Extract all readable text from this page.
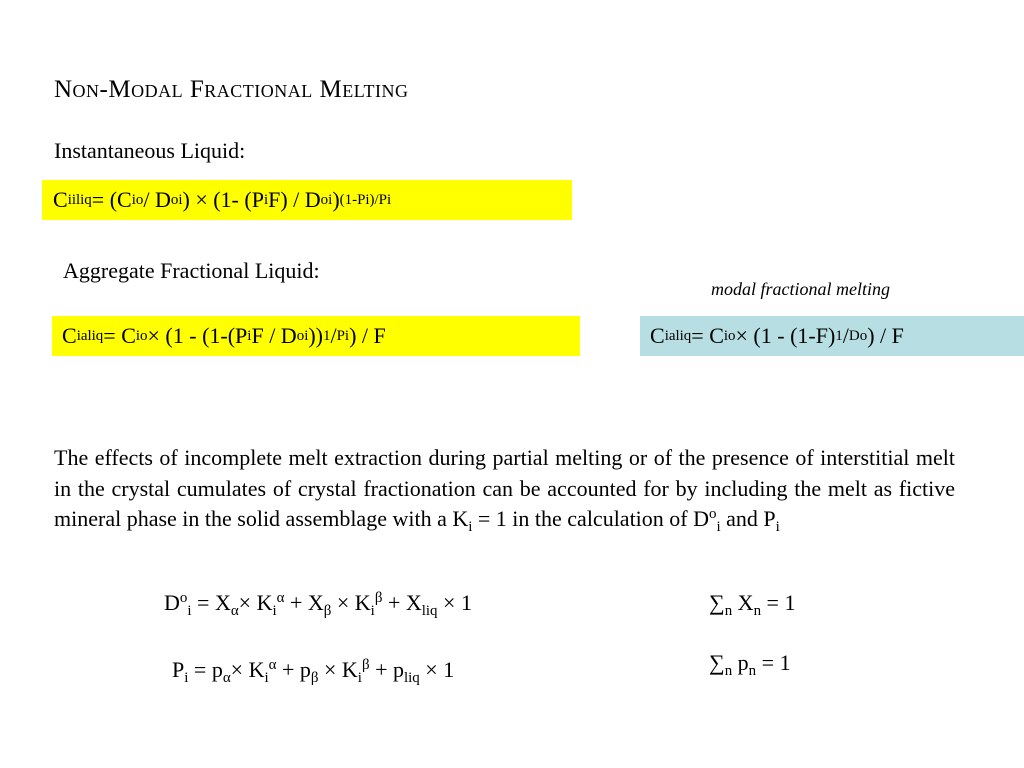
Non-Modal Fractional Melting
Instantaneous Liquid:
C i iliq = (C i o / D o i ) × (1- (P i F) / D o i ) (1-Pi)/Pi
Aggregate Fractional Liquid:
modal fractional melting
C i aliq = C i o × (1 - (1-(P i F / D o i )) 1 / Pi ) / F	C i aliq = C i o × (1 - (1-F) 1 / Do ) / F
The effects of incomplete melt extraction during partial melting or of the presence of interstitial melt in the crystal cumulates of crystal fractionation can be accounted for by including the melt as fictive mineral phase in the solid assemblage with a $K_i = 1$ in the calculation of $D^o_i$ and $P_i$
$D^o_i = X_\alpha\times K_i^\alpha + X_\beta \times K_i^\beta + X_{liq} \times 1$	$\sum_n$ $X_n = 1$
$P_i = p_\alpha\times K_i^\alpha + p_\beta \times K_i^\beta + p_{liq} \times 1$	$\sum_n$ $p_n = 1$
